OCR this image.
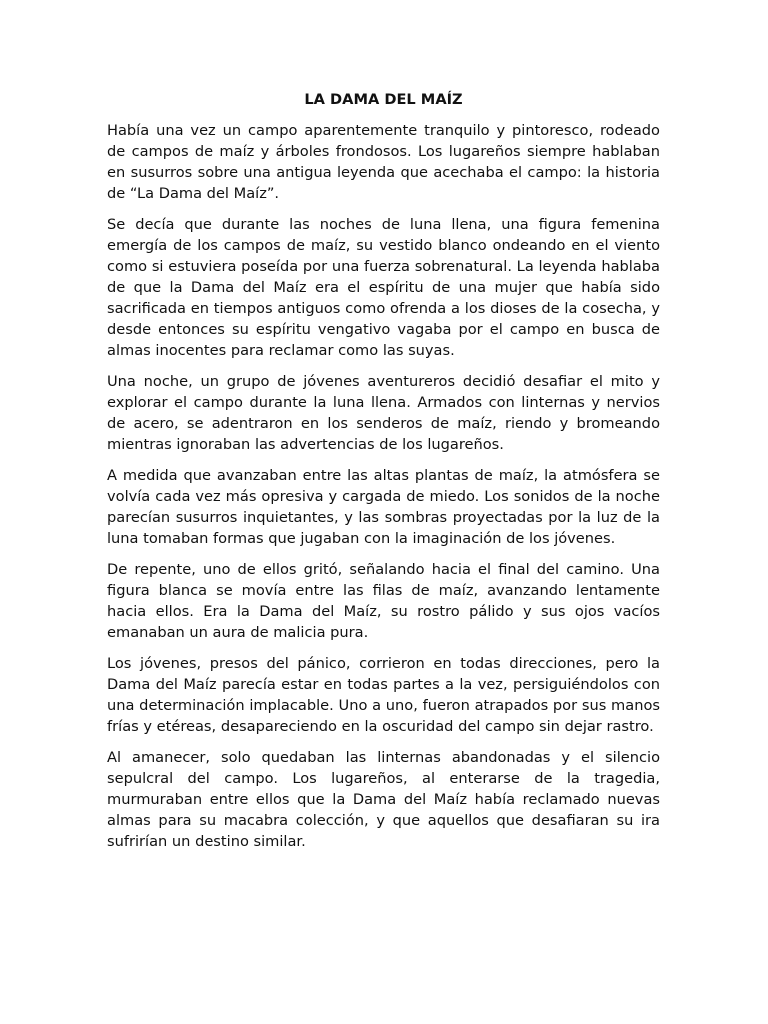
LA DAMA DEL MAÍZ

Había una vez un campo aparentemente tranquilo y pintoresco, rodeado de campos de maíz y árboles frondosos. Los lugareños siempre hablaban en susurros sobre una antigua leyenda que acechaba el campo: la historia de “La Dama del Maíz”.

Se decía que durante las noches de luna llena, una figura femenina emergía de los campos de maíz, su vestido blanco ondeando en el viento como si estuviera poseída por una fuerza sobrenatural. La leyenda hablaba de que la Dama del Maíz era el espíritu de una mujer que había sido sacrificada en tiempos antiguos como ofrenda a los dioses de la cosecha, y desde entonces su espíritu vengativo vagaba por el campo en busca de almas inocentes para reclamar como las suyas.

Una noche, un grupo de jóvenes aventureros decidió desafiar el mito y explorar el campo durante la luna llena. Armados con linternas y nervios de acero, se adentraron en los senderos de maíz, riendo y bromeando mientras ignoraban las advertencias de los lugareños.

A medida que avanzaban entre las altas plantas de maíz, la atmósfera se volvía cada vez más opresiva y cargada de miedo. Los sonidos de la noche parecían susurros inquietantes, y las sombras proyectadas por la luz de la luna tomaban formas que jugaban con la imaginación de los jóvenes.

De repente, uno de ellos gritó, señalando hacia el final del camino. Una figura blanca se movía entre las filas de maíz, avanzando lentamente hacia ellos. Era la Dama del Maíz, su rostro pálido y sus ojos vacíos emanaban un aura de malicia pura.

Los jóvenes, presos del pánico, corrieron en todas direcciones, pero la Dama del Maíz parecía estar en todas partes a la vez, persiguiéndolos con una determinación implacable. Uno a uno, fueron atrapados por sus manos frías y etéreas, desapareciendo en la oscuridad del campo sin dejar rastro.

Al amanecer, solo quedaban las linternas abandonadas y el silencio sepulcral del campo. Los lugareños, al enterarse de la tragedia, murmuraban entre ellos que la Dama del Maíz había reclamado nuevas almas para su macabra colección, y que aquellos que desafiaran su ira sufrirían un destino similar.
